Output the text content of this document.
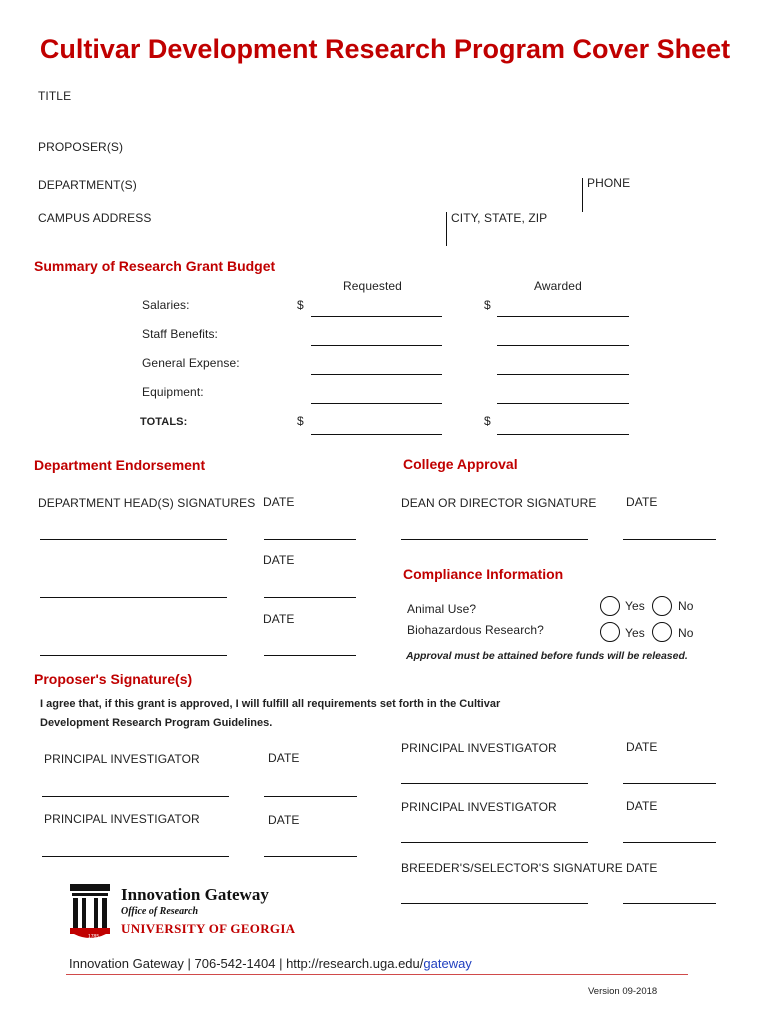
Cultivar Development Research Program Cover Sheet
TITLE
PROPOSER(S)
DEPARTMENT(S)	PHONE
CAMPUS ADDRESS	CITY, STATE, ZIP
Summary of Research Grant Budget
Requested	Awarded
Salaries:	$	$
Staff Benefits:
General Expense:
Equipment:
TOTALS:	$	$
Department Endorsement
DEPARTMENT HEAD(S) SIGNATURES DATE
DATE
DATE
College Approval
DEAN OR DIRECTOR SIGNATURE DATE
Compliance Information
Animal Use?
Biohazardous Research?
Yes	No
Yes	No
Approval must be attained before funds will be released.
Proposer's Signature(s)
I agree that, if this grant is approved, I will fulfill all requirements set forth in the Cultivar
Development Research Program Guidelines.
PRINCIPAL INVESTIGATOR	DATE
PRINCIPAL INVESTIGATOR	DATE
PRINCIPAL INVESTIGATOR	DATE
PRINCIPAL INVESTIGATOR	DATE
BREEDER'S/SELECTOR'S SIGNATURE DATE
1785
Innovation Gateway
Office of Research
UNIVERSITY OF GEORGIA
Innovation Gateway | 706-542-1404 | http://research.uga.edu/gateway
Version 09-2018
